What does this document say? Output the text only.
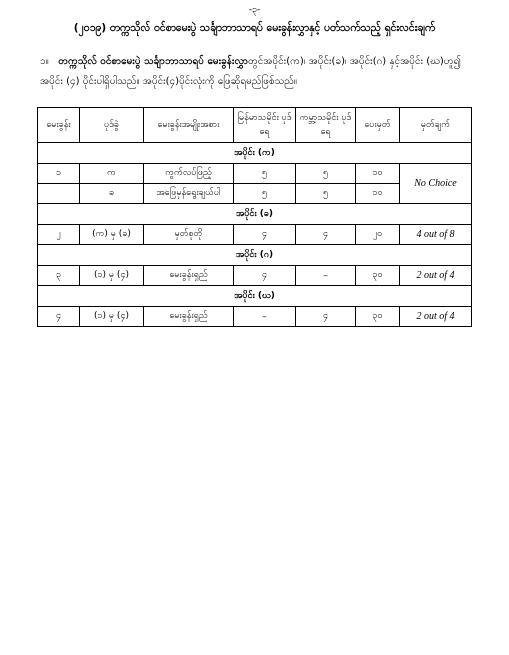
-၃-
(၂၀၁၉) တက္ကသိုလ် ဝင်စာမေးပွဲ သင်္ချာဘာသာရပ် မေးခွန်းလွှာနှင့် ပတ်သက်သည့် ရှင်းလင်းချက်
၁။ တက္ကသိုလ် ဝင်စာမေးပွဲ သင်္ချာဘာသာရပ် မေးခွန်းလွှာတွင်အပိုင်း(က)၊ အပိုင်း(ခ)၊ အပိုင်း(ဂ) နှင့်အပိုင်း (ဃ)ဟူ၍ အပိုင်း (၄) ပိုင်းပါရှိပါသည်။ အပိုင်း(၄)ပိုင်းလုံးကို ဖြေဆိုရမည်ဖြစ်သည်။
မေးခွန်း	ပုဒ်ခွဲ	မေးခွန်းအမျိုးအစား	မြန်မာသမိုင်း ပုဒ်ရေ	ကမ္ဘာ့သမိုင်း ပုဒ်ရေ	ပေးမှတ်	မှတ်ချက်
အပိုင်း (က)						
၁	က	ကွက်လပ်ဖြည့်	၅	၅	၁၀	No Choice
	ခ	အဖြေမှန်ရွေးချယ်ပါ	၅	၅	၁၀	
အပိုင်း (ခ)						
၂	(က) မှ (ခ)	မှတ်စုတို	၄	၄	၂၀	4 out of 8
အပိုင်း (ဂ)						
၃	(၁) မှ (၄)	မေးခွန်းရှည်	၄	–	၃၀	2 out of 4
အပိုင်း (ဃ)						
၄	(၁) မှ (၄)	မေးခွန်းရှည်	–	၄	၃၀	2 out of 4
